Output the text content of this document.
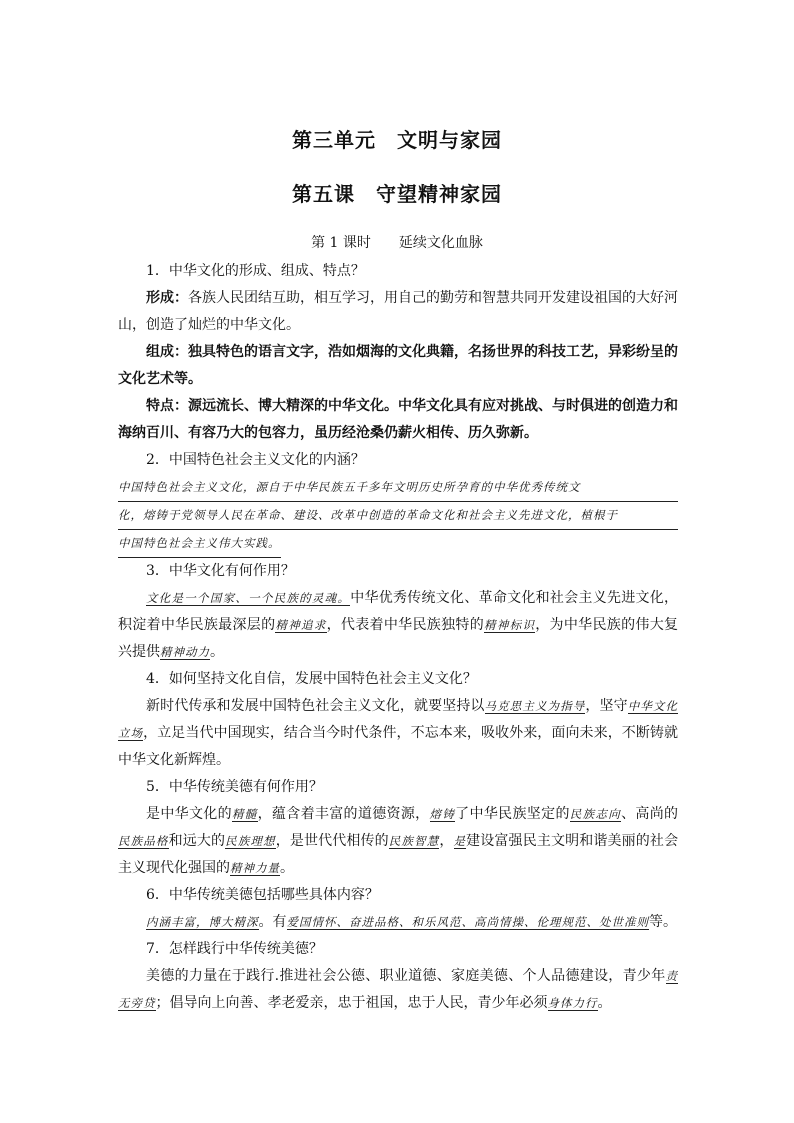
第三单元　文明与家园
第五课　守望精神家园
第 1 课时　　延续文化血脉

1．中华文化的形成、组成、特点？

形成：各族人民团结互助，相互学习，用自己的勤劳和智慧共同开发建设祖国的大好河山，创造了灿烂的中华文化。

组成：独具特色的语言文字，浩如烟海的文化典籍，名扬世界的科技工艺，异彩纷呈的文化艺术等。

特点：源远流长、博大精深的中华文化。中华文化具有应对挑战、与时俱进的创造力和海纳百川、有容乃大的包容力，虽历经沧桑仍薪火相传、历久弥新。

2．中国特色社会主义文化的内涵？

中国特色社会主义文化，源自于中华民族五千多年文明历史所孕育的中华优秀传统文
化，熔铸于党领导人民在革命、建设、改革中创造的革命文化和社会主义先进文化，植根于
中国特色社会主义伟大实践。

3．中华文化有何作用？

文化是一个国家、一个民族的灵魂。中华优秀传统文化、革命文化和社会主义先进文化，积淀着中华民族最深层的精神追求，代表着中华民族独特的精神标识，为中华民族的伟大复兴提供精神动力。

4．如何坚持文化自信，发展中国特色社会主义文化？

新时代传承和发展中国特色社会主义文化，就要坚持以马克思主义为指导，坚守中华文化立场，立足当代中国现实，结合当今时代条件，不忘本来，吸收外来，面向未来，不断铸就中华文化新辉煌。

5．中华传统美德有何作用？

是中华文化的精髓，蕴含着丰富的道德资源，熔铸了中华民族坚定的民族志向、高尚的民族品格和远大的民族理想，是世代代相传的民族智慧，是建设富强民主文明和谐美丽的社会主义现代化强国的精神力量。

6．中华传统美德包括哪些具体内容？

内涵丰富，博大精深。有爱国情怀、奋进品格、和乐风范、高尚情操、伦理规范、处世准则等。

7．怎样践行中华传统美德？

美德的力量在于践行.推进社会公德、职业道德、家庭美德、个人品德建设，青少年责无旁贷；倡导向上向善、孝老爱亲，忠于祖国，忠于人民，青少年必须身体力行。
